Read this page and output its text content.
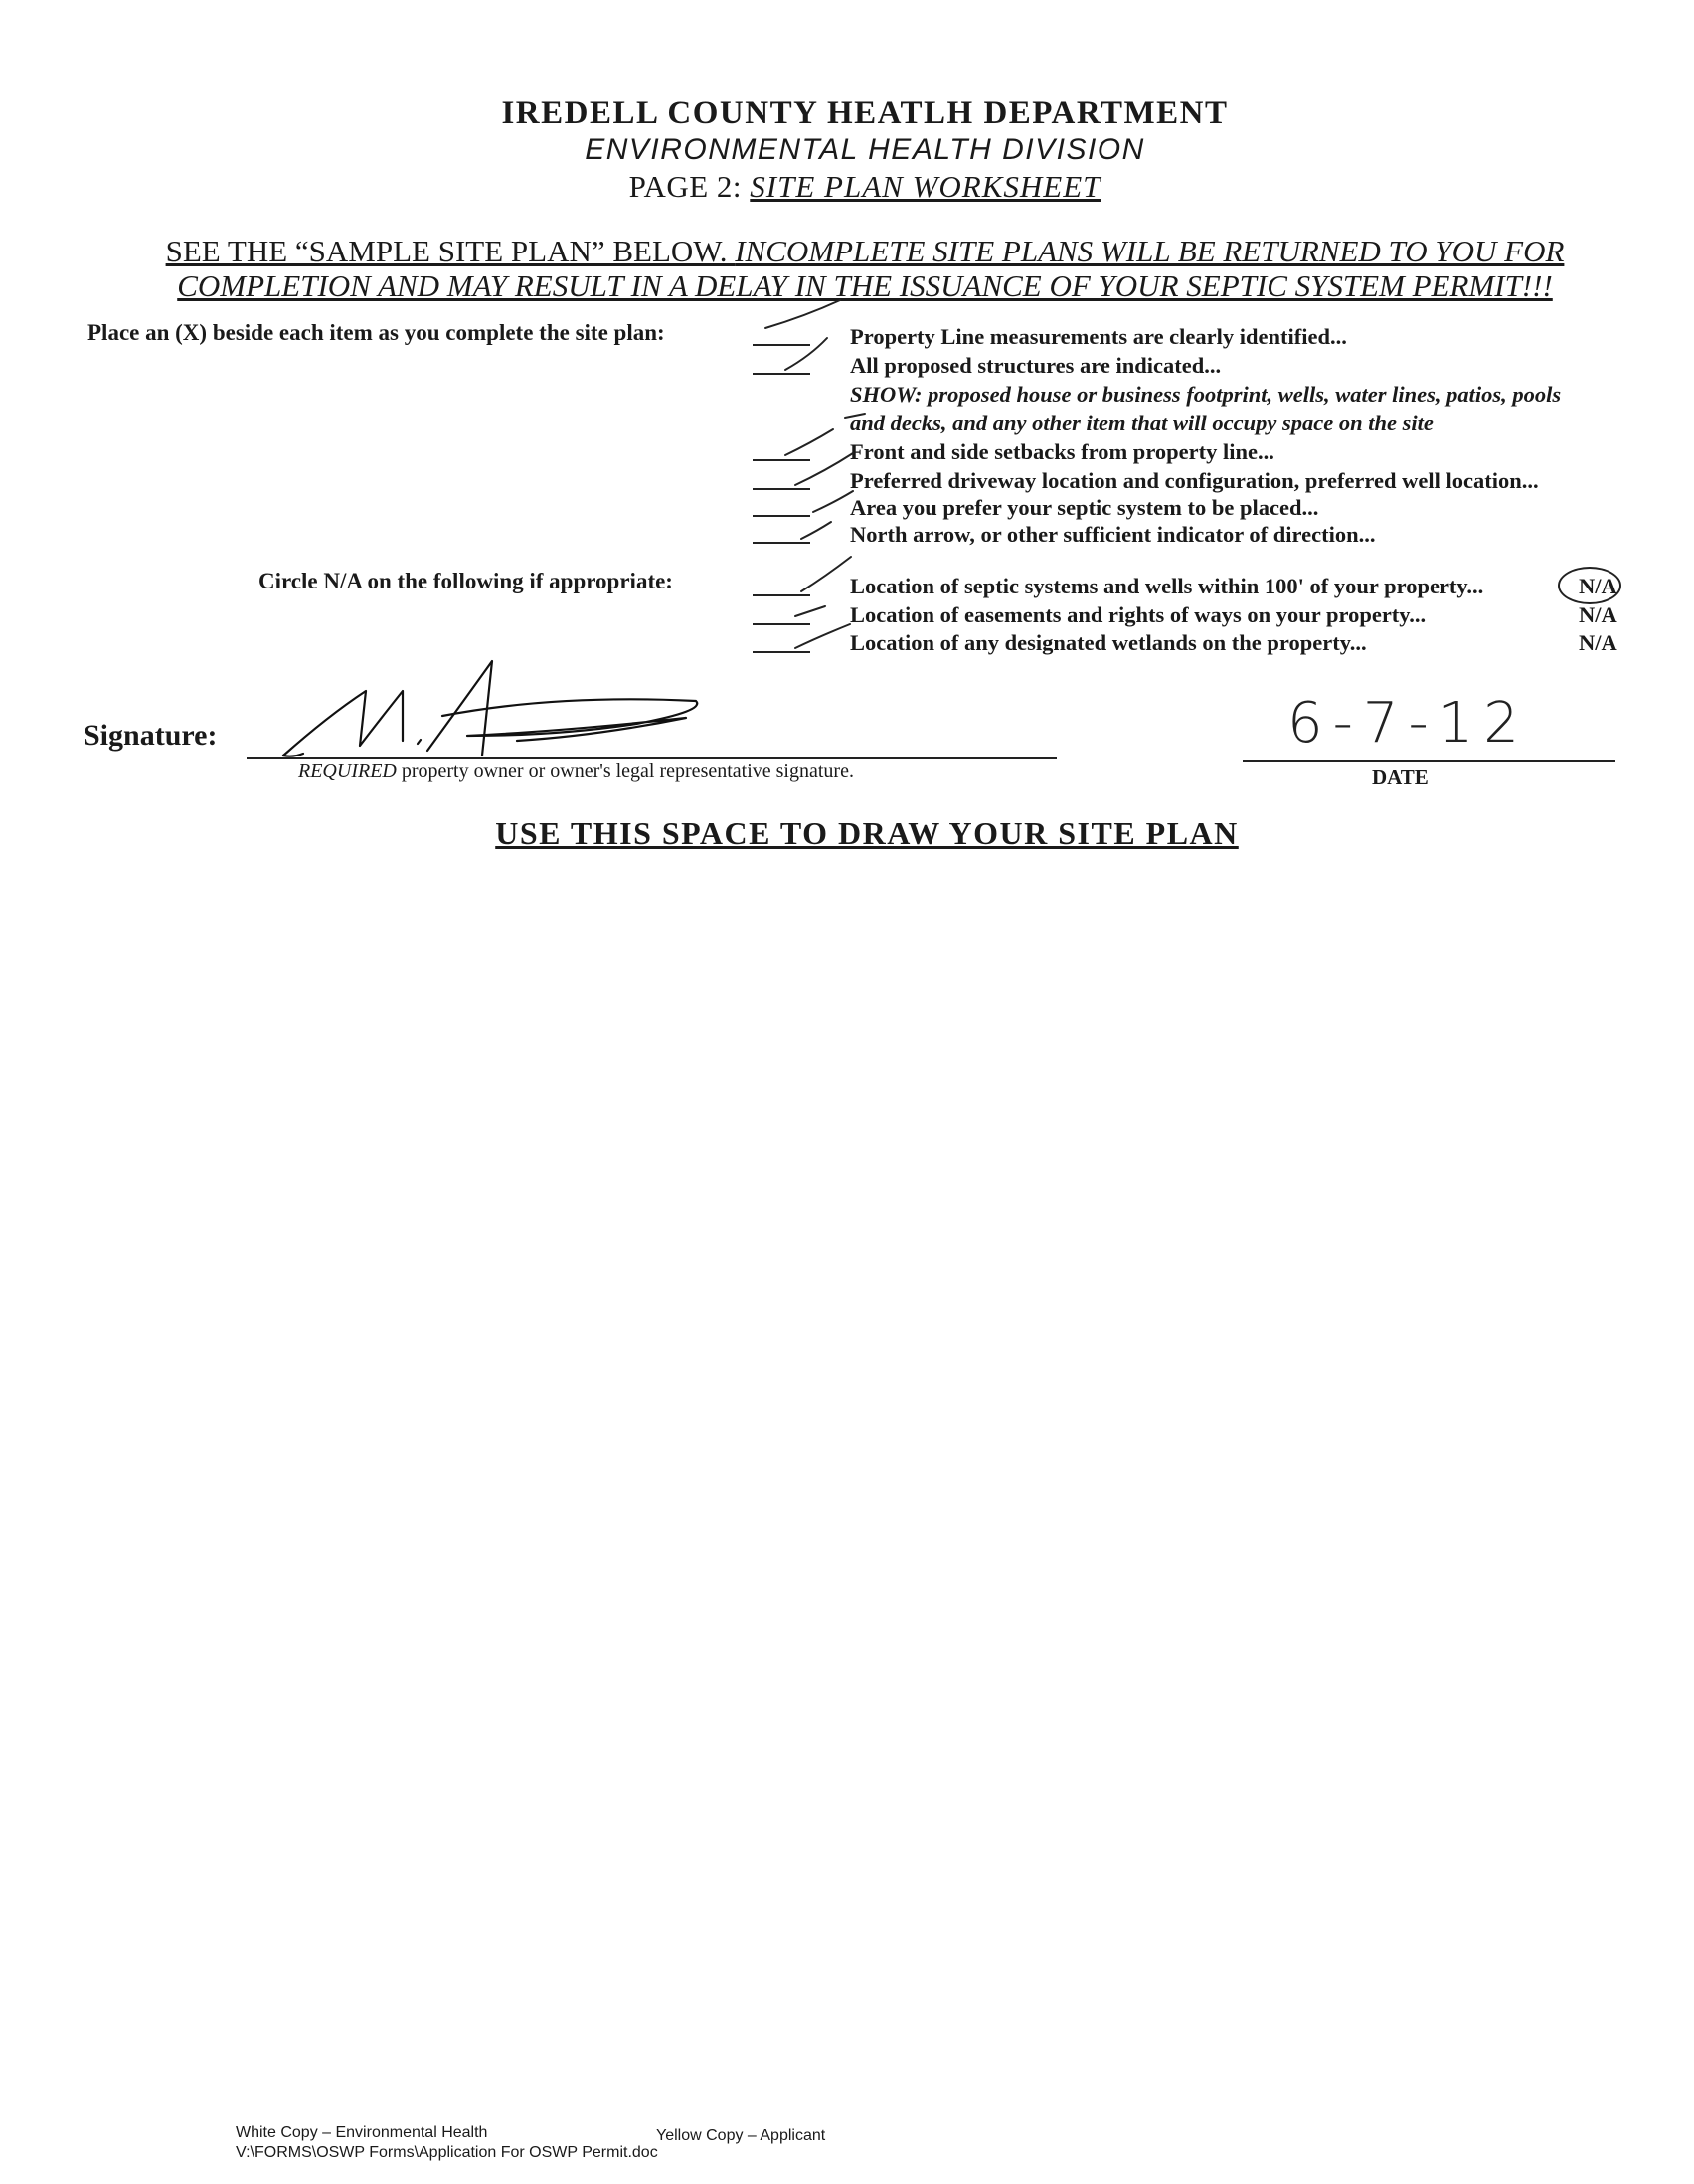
IREDELL COUNTY HEATLH DEPARTMENT
ENVIRONMENTAL HEALTH DIVISION
PAGE 2: SITE PLAN WORKSHEET
SEE THE “SAMPLE SITE PLAN” BELOW. INCOMPLETE SITE PLANS WILL BE RETURNED TO YOU FOR
COMPLETION AND MAY RESULT IN A DELAY IN THE ISSUANCE OF YOUR SEPTIC SYSTEM PERMIT!!!
Place an (X) beside each item as you complete the site plan:	Property Line measurements are clearly identified...
All proposed structures are indicated...
SHOW: proposed house or business footprint, wells, water lines, patios, pools
and decks, and any other item that will occupy space on the site
Front and side setbacks from property line...
Preferred driveway location and configuration, preferred well location...
Area you prefer your septic system to be placed...
North arrow, or other sufficient indicator of direction...
Circle N/A on the following if appropriate:	Location of septic systems and wells within 100' of your property...	N/A
Location of easements and rights of ways on your property...	N/A
Location of any designated wetlands on the property...	N/A
Signature:
REQUIRED property owner or owner's legal representative signature.
6-7-12
DATE
USE THIS SPACE TO DRAW YOUR SITE PLAN
White Copy – Environmental Health	Yellow Copy – Applicant
V:\FORMS\OSWP Forms\Application For OSWP Permit.doc
